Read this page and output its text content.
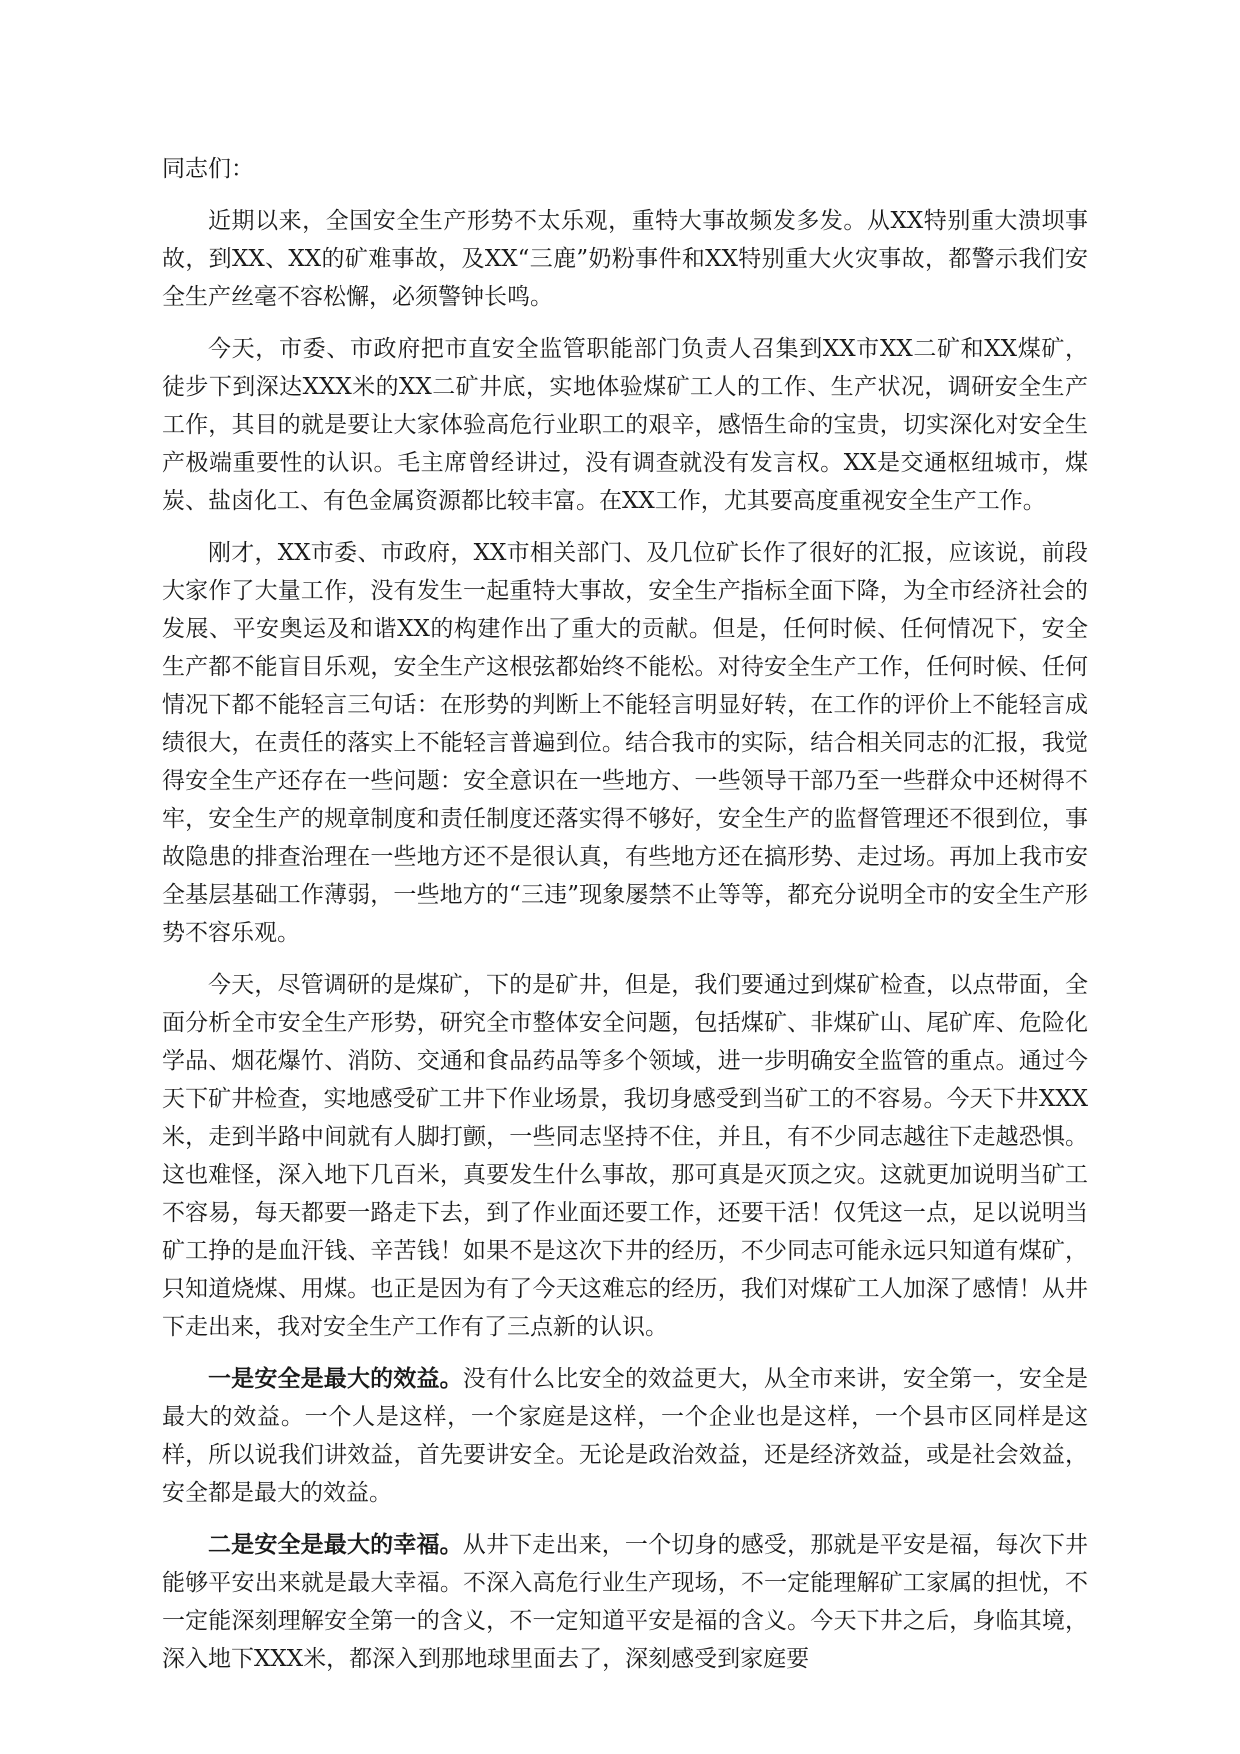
同志们：

近期以来，全国安全生产形势不太乐观，重特大事故频发多发。从XX特别重大溃坝事故，到XX、XX的矿难事故，及XX“三鹿”奶粉事件和XX特别重大火灾事故，都警示我们安全生产丝毫不容松懈，必须警钟长鸣。

今天，市委、市政府把市直安全监管职能部门负责人召集到XX市XX二矿和XX煤矿，徒步下到深达XXX米的XX二矿井底，实地体验煤矿工人的工作、生产状况，调研安全生产工作，其目的就是要让大家体验高危行业职工的艰辛，感悟生命的宝贵，切实深化对安全生产极端重要性的认识。毛主席曾经讲过，没有调查就没有发言权。XX是交通枢纽城市，煤炭、盐卤化工、有色金属资源都比较丰富。在XX工作，尤其要高度重视安全生产工作。

刚才，XX市委、市政府，XX市相关部门、及几位矿长作了很好的汇报，应该说，前段大家作了大量工作，没有发生一起重特大事故，安全生产指标全面下降，为全市经济社会的发展、平安奥运及和谐XX的构建作出了重大的贡献。但是，任何时候、任何情况下，安全生产都不能盲目乐观，安全生产这根弦都始终不能松。对待安全生产工作，任何时候、任何情况下都不能轻言三句话：在形势的判断上不能轻言明显好转，在工作的评价上不能轻言成绩很大，在责任的落实上不能轻言普遍到位。结合我市的实际，结合相关同志的汇报，我觉得安全生产还存在一些问题：安全意识在一些地方、一些领导干部乃至一些群众中还树得不牢，安全生产的规章制度和责任制度还落实得不够好，安全生产的监督管理还不很到位，事故隐患的排查治理在一些地方还不是很认真，有些地方还在搞形势、走过场。再加上我市安全基层基础工作薄弱，一些地方的“三违”现象屡禁不止等等，都充分说明全市的安全生产形势不容乐观。

今天，尽管调研的是煤矿，下的是矿井，但是，我们要通过到煤矿检查，以点带面，全面分析全市安全生产形势，研究全市整体安全问题，包括煤矿、非煤矿山、尾矿库、危险化学品、烟花爆竹、消防、交通和食品药品等多个领域，进一步明确安全监管的重点。通过今天下矿井检查，实地感受矿工井下作业场景，我切身感受到当矿工的不容易。今天下井XXX米，走到半路中间就有人脚打颤，一些同志坚持不住，并且，有不少同志越往下走越恐惧。这也难怪，深入地下几百米，真要发生什么事故，那可真是灭顶之灾。这就更加说明当矿工不容易，每天都要一路走下去，到了作业面还要工作，还要干活！仅凭这一点，足以说明当矿工挣的是血汗钱、辛苦钱！如果不是这次下井的经历，不少同志可能永远只知道有煤矿，只知道烧煤、用煤。也正是因为有了今天这难忘的经历，我们对煤矿工人加深了感情！从井下走出来，我对安全生产工作有了三点新的认识。

一是安全是最大的效益。没有什么比安全的效益更大，从全市来讲，安全第一，安全是最大的效益。一个人是这样，一个家庭是这样，一个企业也是这样，一个县市区同样是这样，所以说我们讲效益，首先要讲安全。无论是政治效益，还是经济效益，或是社会效益，安全都是最大的效益。

二是安全是最大的幸福。从井下走出来，一个切身的感受，那就是平安是福，每次下井能够平安出来就是最大幸福。不深入高危行业生产现场，不一定能理解矿工家属的担忧，不一定能深刻理解安全第一的含义，不一定知道平安是福的含义。今天下井之后，身临其境，深入地下XXX米，都深入到那地球里面去了，深刻感受到家庭要
